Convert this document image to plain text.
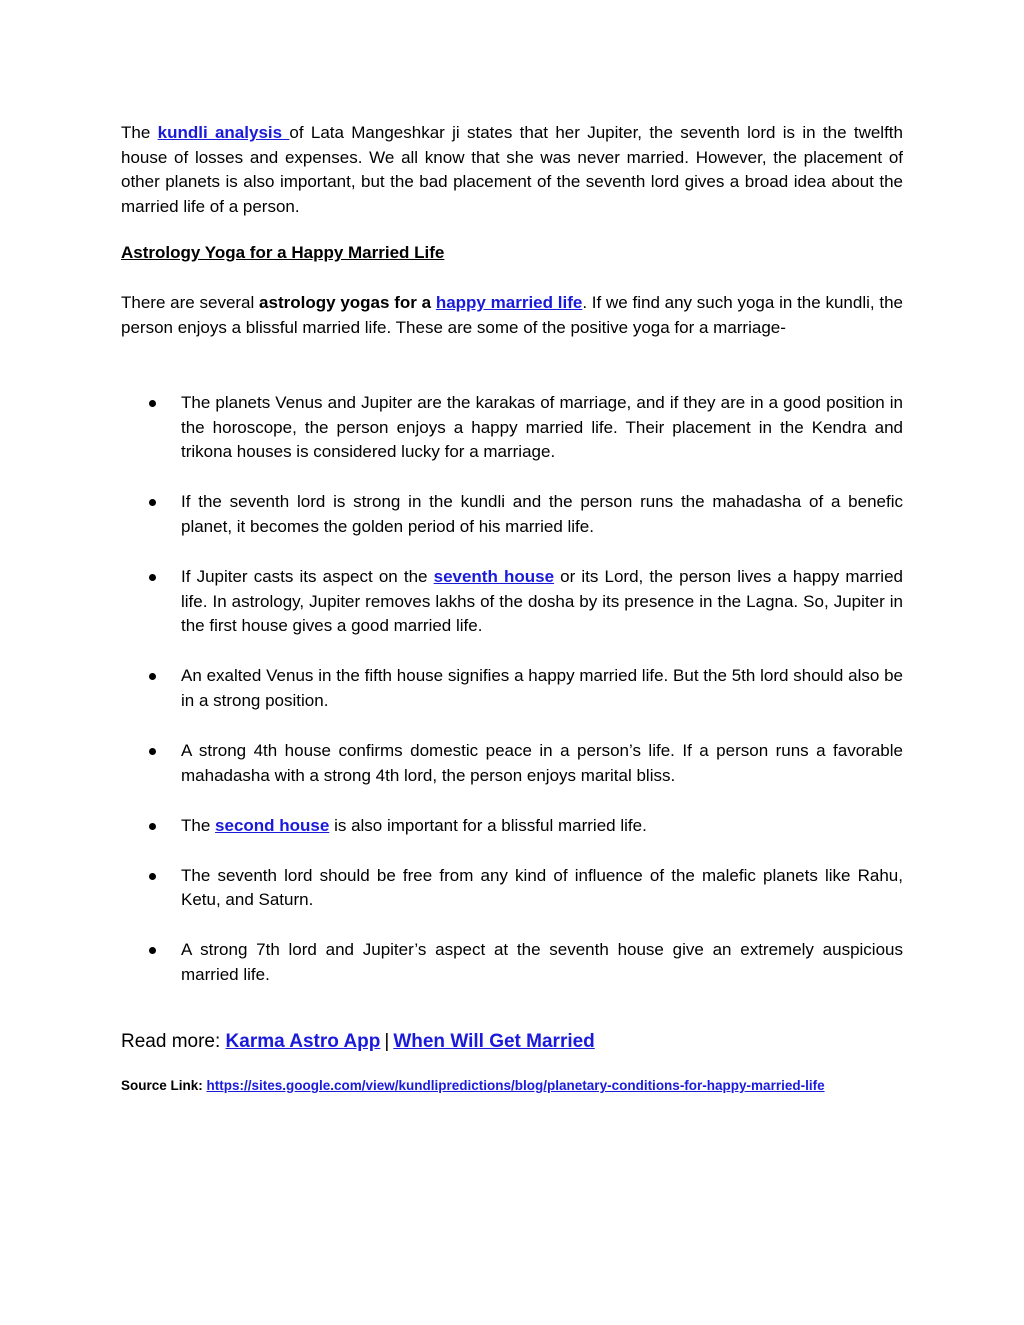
The kundli analysis of Lata Mangeshkar ji states that her Jupiter, the seventh lord is in the twelfth house of losses and expenses. We all know that she was never married. However, the placement of other planets is also important, but the bad placement of the seventh lord gives a broad idea about the married life of a person.

Astrology Yoga for a Happy Married Life

There are several astrology yogas for a happy married life. If we find any such yoga in the kundli, the person enjoys a blissful married life. These are some of the positive yoga for a marriage-

The planets Venus and Jupiter are the karakas of marriage, and if they are in a good position in the horoscope, the person enjoys a happy married life. Their placement in the Kendra and trikona houses is considered lucky for a marriage.
If the seventh lord is strong in the kundli and the person runs the mahadasha of a benefic planet, it becomes the golden period of his married life.
If Jupiter casts its aspect on the seventh house or its Lord, the person lives a happy married life. In astrology, Jupiter removes lakhs of the dosha by its presence in the Lagna. So, Jupiter in the first house gives a good married life.
An exalted Venus in the fifth house signifies a happy married life. But the 5th lord should also be in a strong position.
A strong 4th house confirms domestic peace in a person’s life. If a person runs a favorable mahadasha with a strong 4th lord, the person enjoys marital bliss.
The second house is also important for a blissful married life.
The seventh lord should be free from any kind of influence of the malefic planets like Rahu, Ketu, and Saturn.
A strong 7th lord and Jupiter’s aspect at the seventh house give an extremely auspicious married life.

Read more: Karma Astro App | When Will Get Married

Source Link: https://sites.google.com/view/kundlipredictions/blog/planetary-conditions-for-happy-married-life
